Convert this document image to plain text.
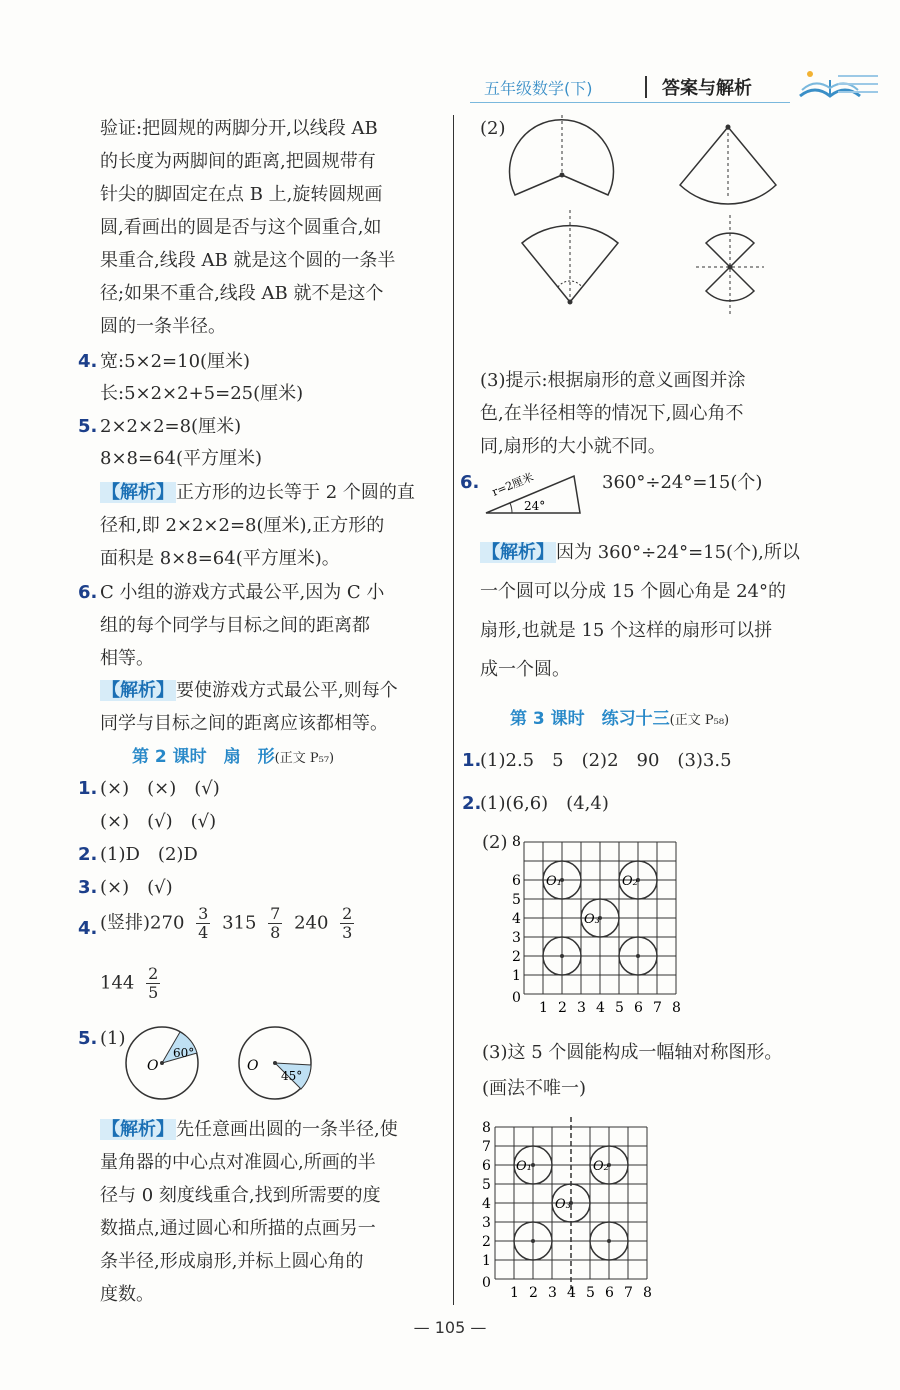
五年级数学(下)	答案与解析
验证:把圆规的两脚分开,以线段 AB
的长度为两脚间的距离,把圆规带有
针尖的脚固定在点 B 上,旋转圆规画
圆,看画出的圆是否与这个圆重合,如
果重合,线段 AB 就是这个圆的一条半
径;如果不重合,线段 AB 就不是这个
圆的一条半径。
4. 宽:5×2=10(厘米)
长:5×2×2+5=25(厘米)
5. 2×2×2=8(厘米)
8×8=64(平方厘米)
【解析】 正方形的边长等于 2 个圆的直
径和,即 2×2×2=8(厘米),正方形的
面积是 8×8=64(平方厘米)。
6. C 小组的游戏方式最公平,因为 C 小
组的每个同学与目标之间的距离都
相等。
【解析】 要使游戏方式最公平,则每个
同学与目标之间的距离应该都相等。
第 2 课时　扇　形(正文 P₅₇)
1. (×)　(×)　(√)
(×)　(√)　(√)
2. (1)D　(2)D
3. (×)　(√)
4. (竖排)$270 \frac{3}{4} 315 \frac{7}{8} 240 \frac{2}{3}$
$144 \frac{2}{5}$
5. (1)
O
60°
O
45°
【解析】 先任意画出圆的一条半径,使
量角器的中心点对准圆心,所画的半
径与 0 刻度线重合,找到所需要的度
数描点,通过圆心和所描的点画另一
条半径,形成扇形,并标上圆心角的
度数。
(2)
(3)提示:根据扇形的意义画图并涂
色,在半径相等的情况下,圆心角不
同,扇形的大小就不同。
6. r=2厘米
24°
360°÷24°=15(个)
【解析】 因为 360°÷24°=15(个),所以
一个圆可以分成 15 个圆心角是 24°的
扇形,也就是 15 个这样的扇形可以拼
成一个圆。
第 3 课时　练习十三(正文 P₅₈)
1.
(1)2.5　5　(2)2　90　(3)3.5
2.
(1)(6,6)　(4,4)
(2)
O₁	O₂
O₃
8
6
5
4
3
2
1
0
1 2 3 4 5 6 7 8
(3)这 5 个圆能构成一幅轴对称图形。
(画法不唯一)
O₁	O₂
O₃
8
7
6
5
4
3
2
1
0
1 2 3 4 5 6 7 8
— 105 —
